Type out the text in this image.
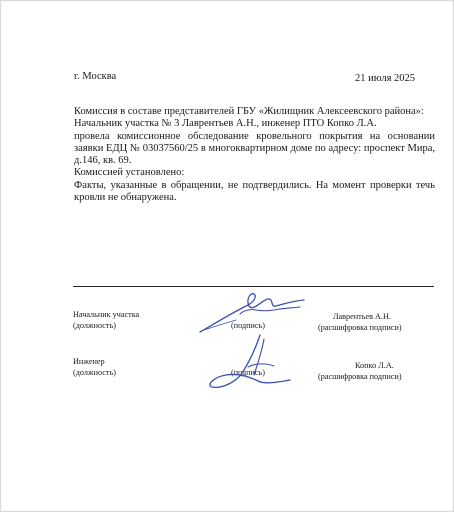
г. Москва	21 июля 2025

Комиссия в составе представителей ГБУ «Жилищник Алексеевского района»:

Начальник участка № 3 Лаврентьев А.Н., инженер ПТО Копко Л.А.

провела комиссионное обследование кровельного покрытия на основании заявки ЕДЦ № 03037560/25 в многоквартирном доме по адресу: проспект Мира, д.146, кв. 69.

Комиссией установлено:

Факты, указанные в обращении, не подтвердились. На момент проверки течь кровли не обнаружена.

Начальник участка
(должность)	(подпись)
Лаврентьев А.Н.
(расшифровка подписи)
Инженер
(должность)	(подпись)
Копко Л.А.
(расшифровка подписи)
